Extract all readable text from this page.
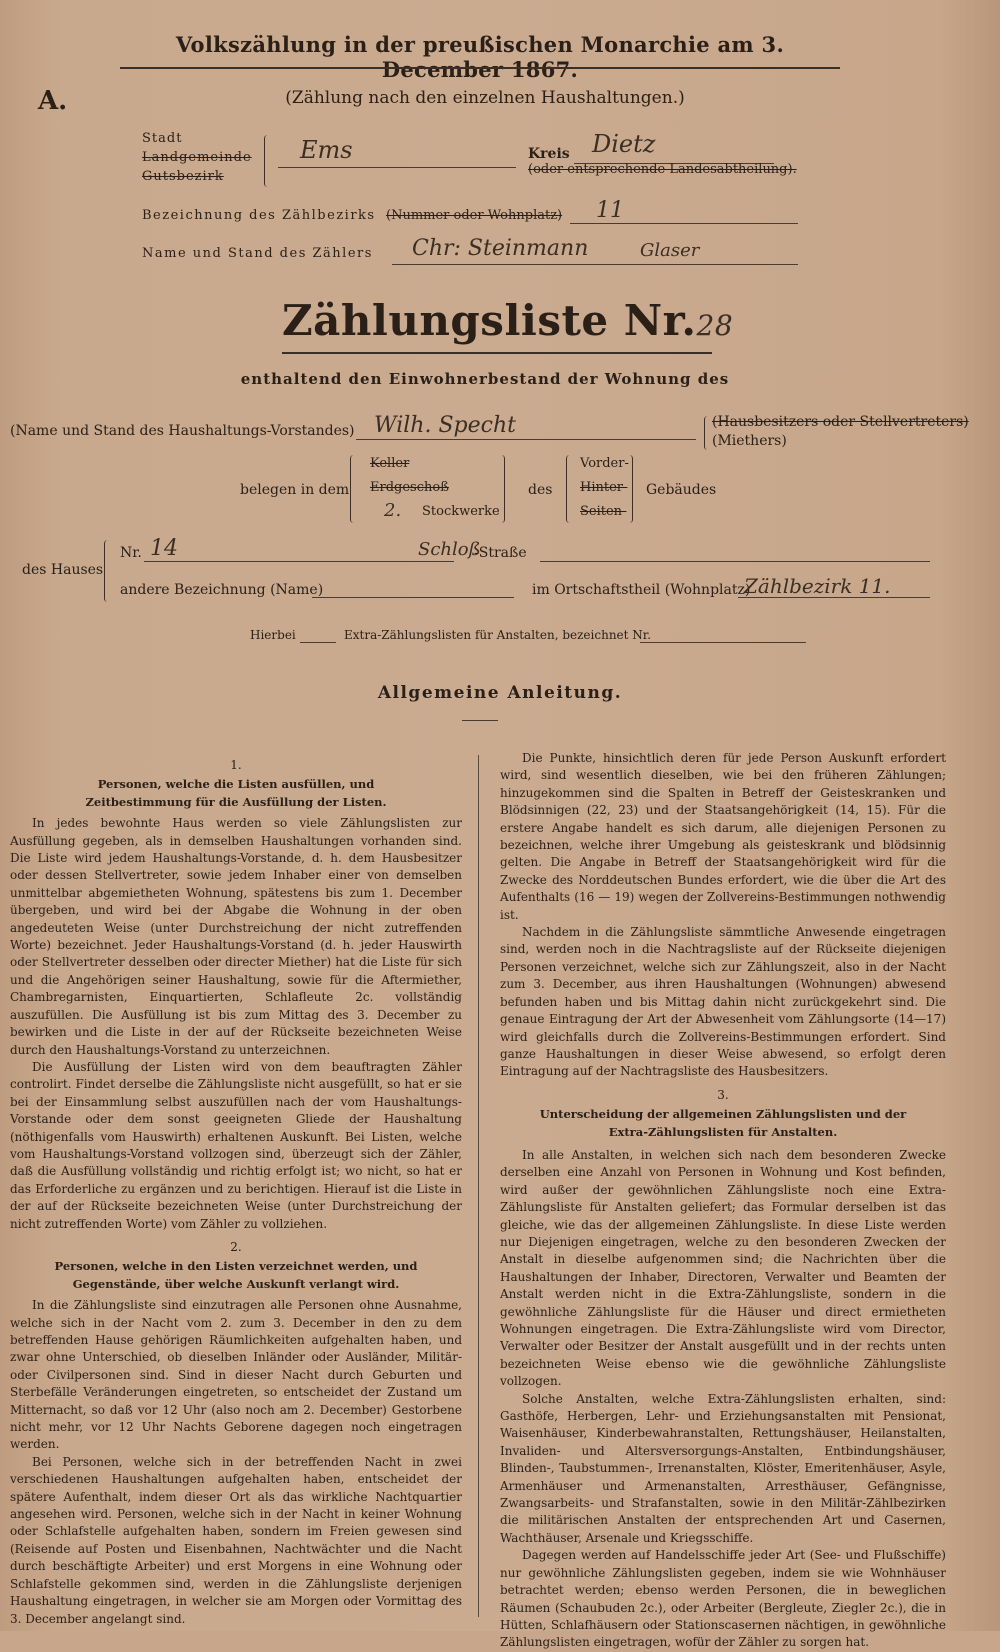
Volkszählung in der preußischen Monarchie am 3. December 1867.
A.	(Zählung nach den einzelnen Haushaltungen.)
Stadt
Landgemeinde
Gutsbezirk
Ems	Kreis Dietz
(oder entsprechende Landesabtheilung).
Bezeichnung des Zählbezirks (Nummer oder Wohnplatz) 11
Name und Stand des Zählers Chr: Steinmann	Glaser
Zählungsliste Nr.28
enthaltend den Einwohnerbestand der Wohnung des
(Name und Stand des Haushaltungs-Vorstandes) Wilh. Specht	(Hausbesitzers oder Stellvertreters)
(Miethers)
belegen in dem
Keller
Erdgeschoß
2. Stockwerke
des
Vorder-
Hinter-
Seiten-
Gebäudes
des Hauses
Nr. 14	Schloß
-Straße
andere Bezeichnung (Name)	im Ortschaftstheil (Wohnplatz)
Zählbezirk 11.
Hierbei	Extra-Zählungslisten für Anstalten, bezeichnet Nr.
Allgemeine Anleitung.

1.

Personen, welche die Listen ausfüllen, und Zeitbestimmung für die Ausfüllung der Listen.

In jedes bewohnte Haus werden so viele Zählungslisten zur Ausfüllung gegeben, als in demselben Haushaltungen vorhanden sind. Die Liste wird jedem Haushaltungs-Vorstande, d. h. dem Hausbesitzer oder dessen Stellvertreter, sowie jedem Inhaber einer von demselben unmittelbar abgemietheten Wohnung, spätestens bis zum 1. December übergeben, und wird bei der Abgabe die Wohnung in der oben angedeuteten Weise (unter Durchstreichung der nicht zutreffenden Worte) bezeichnet. Jeder Haushaltungs-Vorstand (d. h. jeder Hauswirth oder Stellvertreter desselben oder directer Miether) hat die Liste für sich und die Angehörigen seiner Haushaltung, sowie für die Aftermiether, Chambregarnisten, Einquartierten, Schlafleute 2c. vollständig auszufüllen. Die Ausfüllung ist bis zum Mittag des 3. December zu bewirken und die Liste in der auf der Rückseite bezeichneten Weise durch den Haushaltungs-Vorstand zu unterzeichnen.

Die Ausfüllung der Listen wird von dem beauftragten Zähler controlirt. Findet derselbe die Zählungsliste nicht ausgefüllt, so hat er sie bei der Einsammlung selbst auszufüllen nach der vom Haushaltungs-Vorstande oder dem sonst geeigneten Gliede der Haushaltung (nöthigenfalls vom Hauswirth) erhaltenen Auskunft. Bei Listen, welche vom Haushaltungs-Vorstand vollzogen sind, überzeugt sich der Zähler, daß die Ausfüllung vollständig und richtig erfolgt ist; wo nicht, so hat er das Erforderliche zu ergänzen und zu berichtigen. Hierauf ist die Liste in der auf der Rückseite bezeichneten Weise (unter Durchstreichung der nicht zutreffenden Worte) vom Zähler zu vollziehen.

2.

Personen, welche in den Listen verzeichnet werden, und Gegenstände, über welche Auskunft verlangt wird.

In die Zählungsliste sind einzutragen alle Personen ohne Ausnahme, welche sich in der Nacht vom 2. zum 3. December in den zu dem betreffenden Hause gehörigen Räumlichkeiten aufgehalten haben, und zwar ohne Unterschied, ob dieselben Inländer oder Ausländer, Militär- oder Civilpersonen sind. Sind in dieser Nacht durch Geburten und Sterbefälle Veränderungen eingetreten, so entscheidet der Zustand um Mitternacht, so daß vor 12 Uhr (also noch am 2. December) Gestorbene nicht mehr, vor 12 Uhr Nachts Geborene dagegen noch eingetragen werden.

Bei Personen, welche sich in der betreffenden Nacht in zwei verschiedenen Haushaltungen aufgehalten haben, entscheidet der spätere Aufenthalt, indem dieser Ort als das wirkliche Nachtquartier angesehen wird. Personen, welche sich in der Nacht in keiner Wohnung oder Schlafstelle aufgehalten haben, sondern im Freien gewesen sind (Reisende auf Posten und Eisenbahnen, Nachtwächter und die Nacht durch beschäftigte Arbeiter) und erst Morgens in eine Wohnung oder Schlafstelle gekommen sind, werden in die Zählungsliste derjenigen Haushaltung eingetragen, in welcher sie am Morgen oder Vormittag des 3. December angelangt sind.

Die Punkte, hinsichtlich deren für jede Person Auskunft erfordert wird, sind wesentlich dieselben, wie bei den früheren Zählungen; hinzugekommen sind die Spalten in Betreff der Geisteskranken und Blödsinnigen (22, 23) und der Staatsangehörigkeit (14, 15). Für die erstere Angabe handelt es sich darum, alle diejenigen Personen zu bezeichnen, welche ihrer Umgebung als geisteskrank und blödsinnig gelten. Die Angabe in Betreff der Staatsangehörigkeit wird für die Zwecke des Norddeutschen Bundes erfordert, wie die über die Art des Aufenthalts (16 — 19) wegen der Zollvereins-Bestimmungen nothwendig ist.

Nachdem in die Zählungsliste sämmtliche Anwesende eingetragen sind, werden noch in die Nachtragsliste auf der Rückseite diejenigen Personen verzeichnet, welche sich zur Zählungszeit, also in der Nacht zum 3. December, aus ihren Haushaltungen (Wohnungen) abwesend befunden haben und bis Mittag dahin nicht zurückgekehrt sind. Die genaue Eintragung der Art der Abwesenheit vom Zählungsorte (14—17) wird gleichfalls durch die Zollvereins-Bestimmungen erfordert. Sind ganze Haushaltungen in dieser Weise abwesend, so erfolgt deren Eintragung auf der Nachtragsliste des Hausbesitzers.

3.

Unterscheidung der allgemeinen Zählungslisten und der Extra-Zählungslisten für Anstalten.

In alle Anstalten, in welchen sich nach dem besonderen Zwecke derselben eine Anzahl von Personen in Wohnung und Kost befinden, wird außer der gewöhnlichen Zählungsliste noch eine Extra-Zählungsliste für Anstalten geliefert; das Formular derselben ist das gleiche, wie das der allgemeinen Zählungsliste. In diese Liste werden nur Diejenigen eingetragen, welche zu den besonderen Zwecken der Anstalt in dieselbe aufgenommen sind; die Nachrichten über die Haushaltungen der Inhaber, Directoren, Verwalter und Beamten der Anstalt werden nicht in die Extra-Zählungsliste, sondern in die gewöhnliche Zählungsliste für die Häuser und direct ermietheten Wohnungen eingetragen. Die Extra-Zählungsliste wird vom Director, Verwalter oder Besitzer der Anstalt ausgefüllt und in der rechts unten bezeichneten Weise ebenso wie die gewöhnliche Zählungsliste vollzogen.

Solche Anstalten, welche Extra-Zählungslisten erhalten, sind: Gasthöfe, Herbergen, Lehr- und Erziehungsanstalten mit Pensionat, Waisenhäuser, Kinderbewahranstalten, Rettungshäuser, Heilanstalten, Invaliden- und Altersversorgungs-Anstalten, Entbindungshäuser, Blinden-, Taubstummen-, Irrenanstalten, Klöster, Emeritenhäuser, Asyle, Armenhäuser und Armenanstalten, Arresthäuser, Gefängnisse, Zwangsarbeits- und Strafanstalten, sowie in den Militär-Zählbezirken die militärischen Anstalten der entsprechenden Art und Casernen, Wachthäuser, Arsenale und Kriegsschiffe.

Dagegen werden auf Handelsschiffe jeder Art (See- und Flußschiffe) nur gewöhnliche Zählungslisten gegeben, indem sie wie Wohnhäuser betrachtet werden; ebenso werden Personen, die in beweglichen Räumen (Schaubuden 2c.), oder Arbeiter (Bergleute, Ziegler 2c.), die in Hütten, Schlafhäusern oder Stationscasernen nächtigen, in gewöhnliche Zählungslisten eingetragen, wofür der Zähler zu sorgen hat.
